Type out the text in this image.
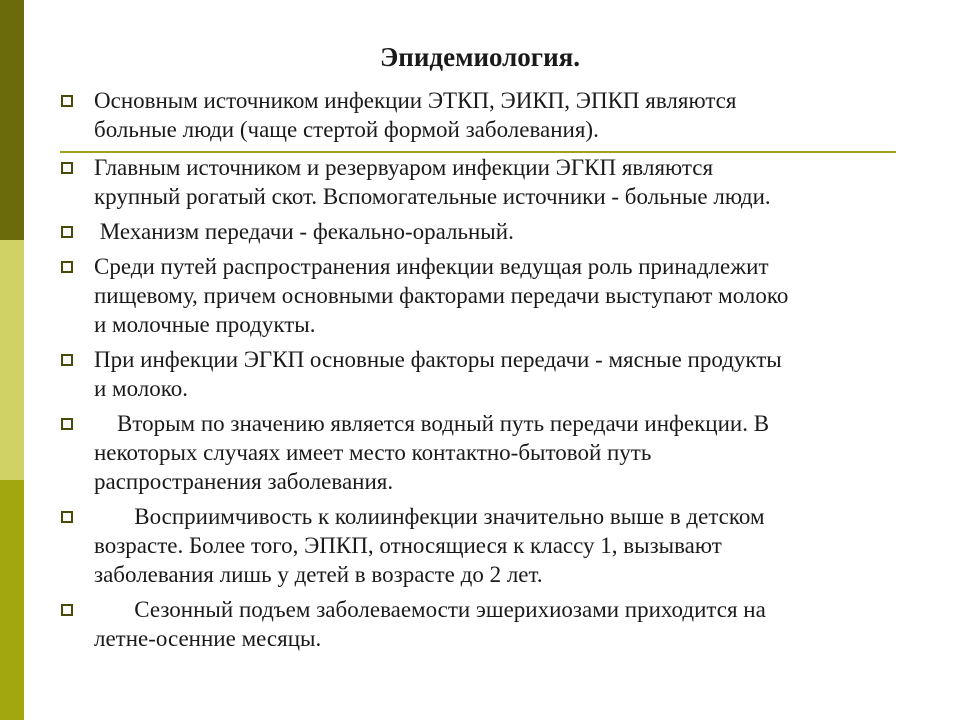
Эпидемиология.
Основным источником инфекции ЭТКП, ЭИКП, ЭПКП являются
больные люди (чаще стертой формой заболевания).
Главным источником и резервуаром инфекции ЭГКП являются
крупный рогатый скот. Вспомогательные источники - больные люди.
Механизм передачи - фекально-оральный.
Среди путей распространения инфекции ведущая роль принадлежит
пищевому, причем основными факторами передачи выступают молоко
и молочные продукты.
При инфекции ЭГКП основные факторы передачи - мясные продукты
и молоко.
Вторым по значению является водный путь передачи инфекции. В
некоторых случаях имеет место контактно-бытовой путь
распространения заболевания.
Восприимчивость к колиинфекции значительно выше в детском
возрасте. Более того, ЭПКП, относящиеся к классу 1, вызывают
заболевания лишь у детей в возрасте до 2 лет.
Сезонный подъем заболеваемости эшерихиозами приходится на
летне-осенние месяцы.
